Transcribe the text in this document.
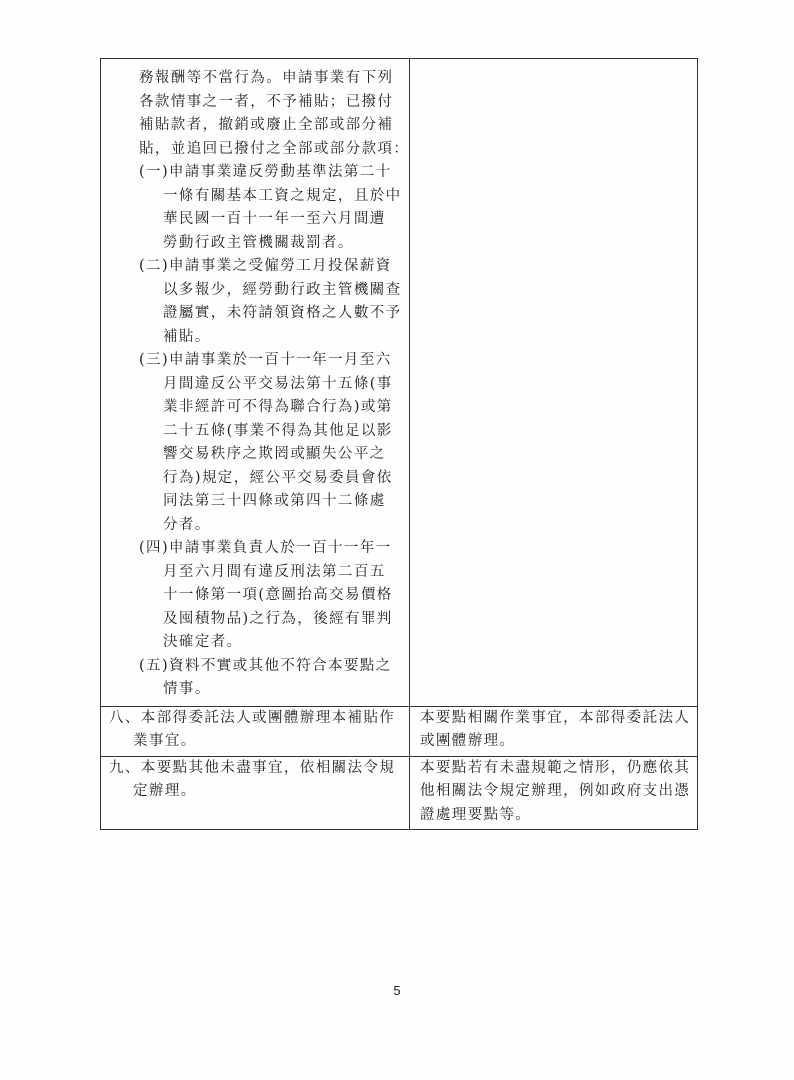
務報酬等不當行為。申請事業有下列
各款情事之一者，不予補貼；已撥付
補貼款者，撤銷或廢止全部或部分補
貼，並追回已撥付之全部或部分款項：
(一)申請事業違反勞動基準法第二十
一條有關基本工資之規定，且於中
華民國一百十一年一至六月間遭
勞動行政主管機關裁罰者。
(二)申請事業之受僱勞工月投保薪資
以多報少，經勞動行政主管機關查
證屬實，未符請領資格之人數不予
補貼。
(三)申請事業於一百十一年一月至六
月間違反公平交易法第十五條(事
業非經許可不得為聯合行為)或第
二十五條(事業不得為其他足以影
響交易秩序之欺罔或顯失公平之
行為)規定，經公平交易委員會依
同法第三十四條或第四十二條處
分者。
(四)申請事業負責人於一百十一年一
月至六月間有違反刑法第二百五
十一條第一項(意圖抬高交易價格
及囤積物品)之行為，後經有罪判
決確定者。
(五)資料不實或其他不符合本要點之
情事。
八、本部得委託法人或團體辦理本補貼作
業事宜。
本要點相關作業事宜，本部得委託法人
或團體辦理。
九、本要點其他未盡事宜，依相關法令規
定辦理。
本要點若有未盡規範之情形，仍應依其
他相關法令規定辦理，例如政府支出憑
證處理要點等。
5
